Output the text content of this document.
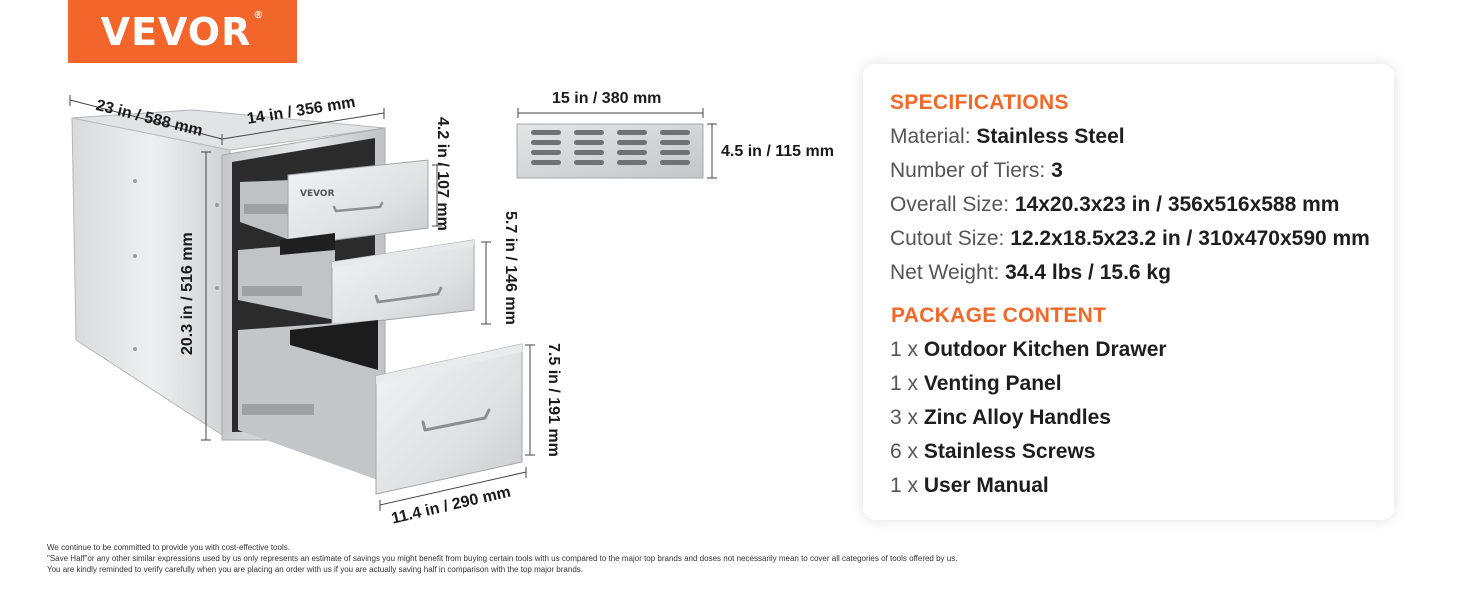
VEVOR ®
VEVOR
23 in / 588 mm	14 in / 356 mm
20.3 in / 516 mm
4.2 in / 107 mm
5.7 in / 146 mm
7.5 in / 191 mm
11.4 in / 290 mm
15 in / 380 mm
4.5 in / 115 mm
SPECIFICATIONS
Material: Stainless Steel
Number of Tiers: 3
Overall Size: 14x20.3x23 in / 356x516x588 mm
Cutout Size: 12.2x18.5x23.2 in / 310x470x590 mm
Net Weight: 34.4 lbs / 15.6 kg
PACKAGE CONTENT
1 x Outdoor Kitchen Drawer
1 x Venting Panel
3 x Zinc Alloy Handles
6 x Stainless Screws
1 x User Manual
We continue to be committed to provide you with cost-effective tools.
"Save Half"or any other similar expressions used by us only represents an estimate of savings you might benefit from buying certain tools with us compared to the major top brands and doses not necessarily mean to cover all categories of tools offered by us.
You are kindly reminded to verify carefully when you are placing an order with us if you are actually saving half in comparison with the top major brands.
